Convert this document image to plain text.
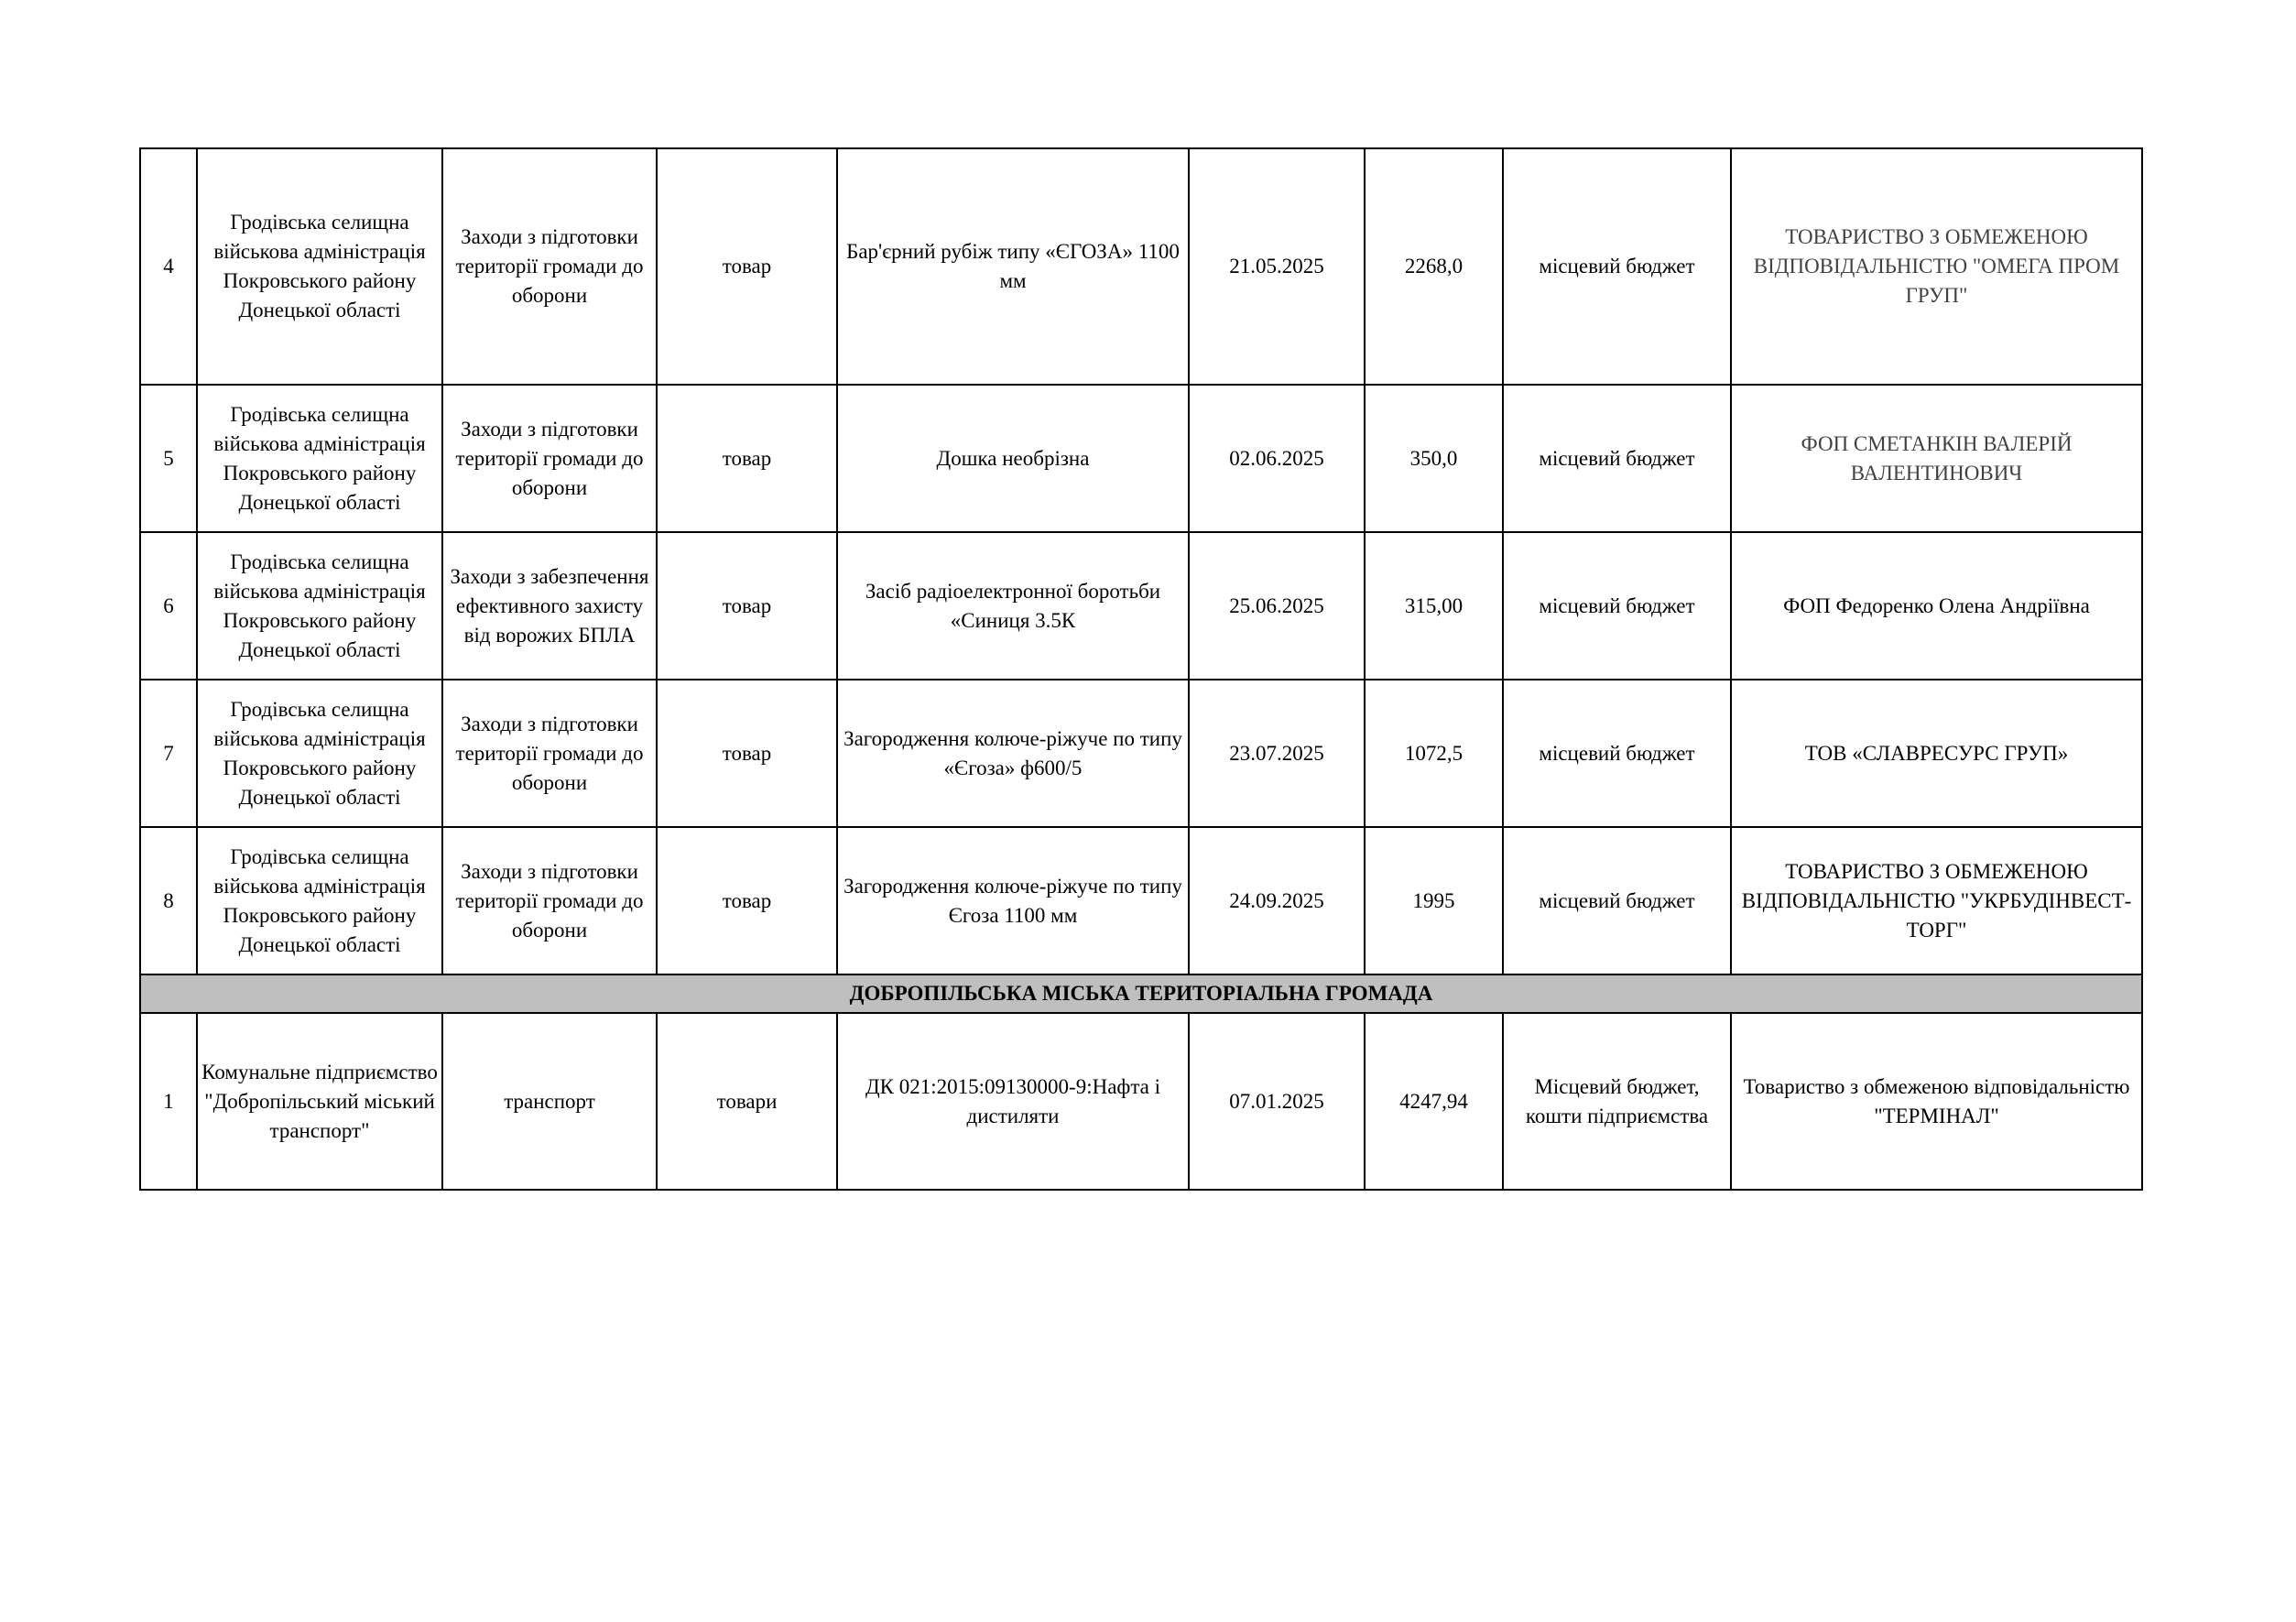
4	Гродівська селищна військова адміністрація Покровського району Донецької області	Заходи з підготовки території громади до оборони	товар	Бар'єрний рубіж типу «ЄГОЗА» 1100 мм	21.05.2025	2268,0	місцевий бюджет	ТОВАРИСТВО З ОБМЕЖЕНОЮ ВІДПОВІДАЛЬНІСТЮ "ОМЕГА ПРОМ ГРУП"
5	Гродівська селищна військова адміністрація Покровського району Донецької області	Заходи з підготовки території громади до оборони	товар	Дошка необрізна	02.06.2025	350,0	місцевий бюджет	ФОП СМЕТАНКІН ВАЛЕРІЙ ВАЛЕНТИНОВИЧ
6	Гродівська селищна військова адміністрація Покровського району Донецької області	Заходи з забезпечення ефективного захисту від ворожих БПЛА	товар	Засіб радіоелектронної боротьби «Синиця 3.5К	25.06.2025	315,00	місцевий бюджет	ФОП Федоренко Олена Андріївна
7	Гродівська селищна військова адміністрація Покровського району Донецької області	Заходи з підготовки території громади до оборони	товар	Загородження колюче-ріжуче по типу «Єгоза» ф600/5	23.07.2025	1072,5	місцевий бюджет	ТОВ «СЛАВРЕСУРС ГРУП»
8	Гродівська селищна військова адміністрація Покровського району Донецької області	Заходи з підготовки території громади до оборони	товар	Загородження колюче-ріжуче по типу Єгоза 1100 мм	24.09.2025	1995	місцевий бюджет	ТОВАРИСТВО З ОБМЕЖЕНОЮ ВІДПОВІДАЛЬНІСТЮ "УКРБУДІНВЕСТ-ТОРГ"
ДОБРОПІЛЬСЬКА МІСЬКА ТЕРИТОРІАЛЬНА ГРОМАДА								
1	Комунальне підприємство "Добропільський міський транспорт"	транспорт	товари	ДК 021:2015:09130000-9:Нафта і дистиляти	07.01.2025	4247,94	Місцевий бюджет, кошти підприємства	Товариство з обмеженою відповідальністю "ТЕРМІНАЛ"
